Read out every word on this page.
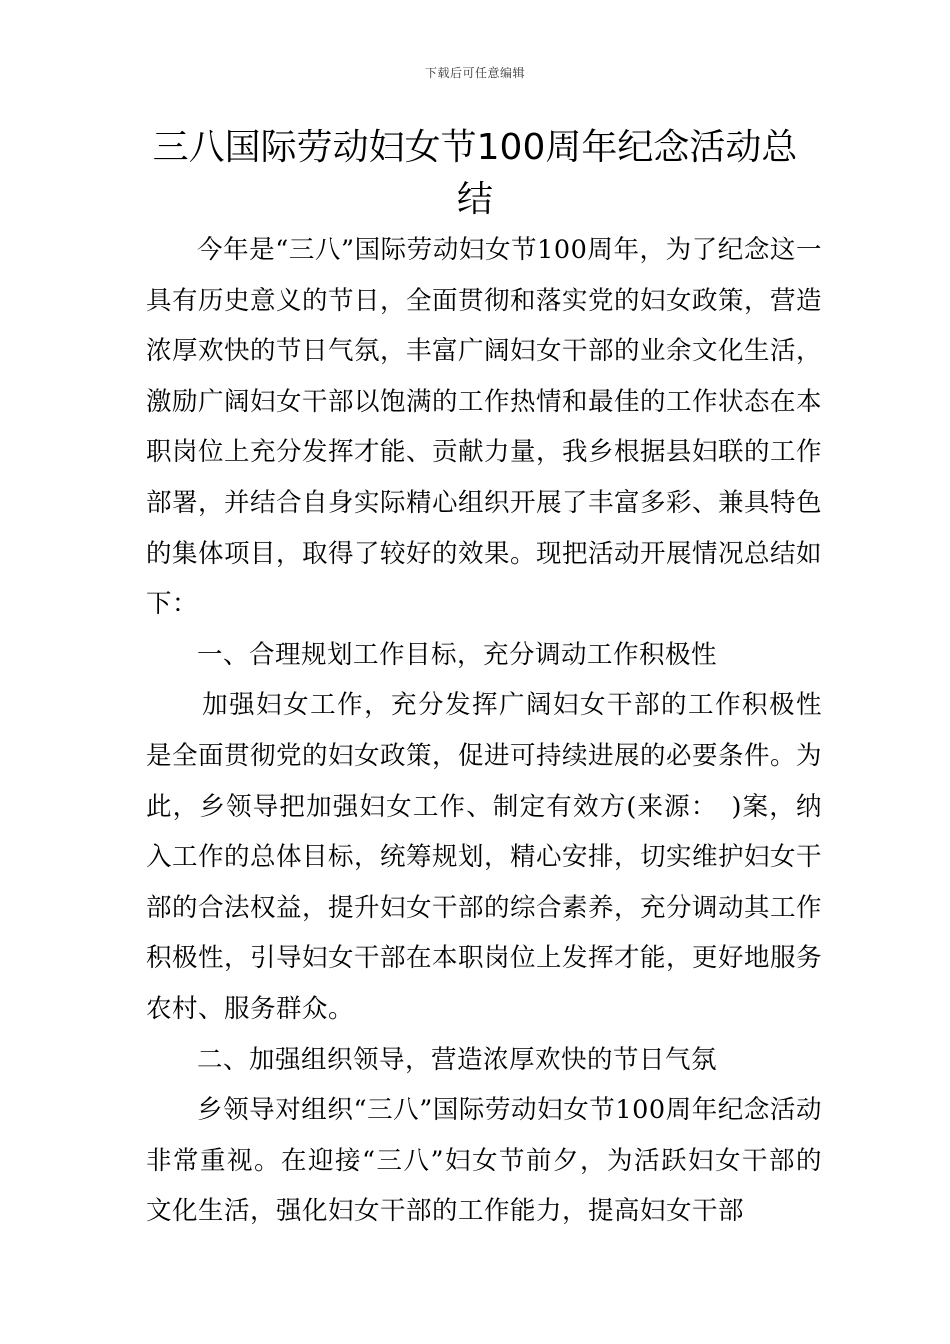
下载后可任意编辑
三八国际劳动妇女节100周年纪念活动总结

今年是“三八”国际劳动妇女节100周年，为了纪念这一具有历史意义的节日，全面贯彻和落实党的妇女政策，营造浓厚欢快的节日气氛，丰富广阔妇女干部的业余文化生活，激励广阔妇女干部以饱满的工作热情和最佳的工作状态在本职岗位上充分发挥才能、贡献力量，我乡根据县妇联的工作部署，并结合自身实际精心组织开展了丰富多彩、兼具特色的集体项目，取得了较好的效果。现把活动开展情况总结如下：

一、合理规划工作目标，充分调动工作积极性

加强妇女工作，充分发挥广阔妇女干部的工作积极性是全面贯彻党的妇女政策，促进可持续进展的必要条件。为此，乡领导把加强妇女工作、制定有效方(来源：　)案，纳入工作的总体目标，统筹规划，精心安排，切实维护妇女干部的合法权益，提升妇女干部的综合素养，充分调动其工作积极性，引导妇女干部在本职岗位上发挥才能，更好地服务农村、服务群众。

二、加强组织领导，营造浓厚欢快的节日气氛

乡领导对组织“三八”国际劳动妇女节100周年纪念活动非常重视。在迎接“三八”妇女节前夕，为活跃妇女干部的文化生活，强化妇女干部的工作能力，提高妇女干部
